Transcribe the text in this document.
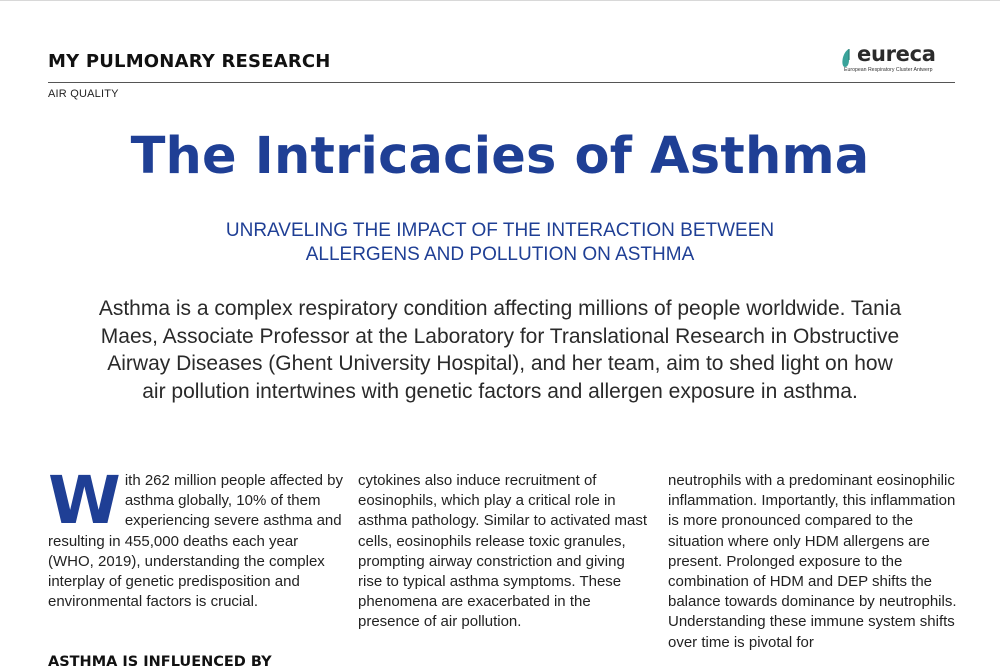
MY PULMONARY RESEARCH	eureca
European Respiratory Cluster Antwerp
AIR QUALITY
The Intricacies of Asthma
UNRAVELING THE IMPACT OF THE INTERACTION BETWEEN ALLERGENS AND POLLUTION ON ASTHMA

Asthma is a complex respiratory condition affecting millions of people worldwide. Tania Maes, Associate Professor at the Laboratory for Translational Research in Obstructive Airway Diseases (Ghent University Hospital), and her team, aim to shed light on how air pollution intertwines with genetic factors and allergen exposure in asthma.

With 262 million people affected by asthma globally, 10% of them experiencing severe asthma and resulting in 455,000 deaths each year (WHO, 2019), understanding the complex interplay of genetic predisposition and environmental factors is crucial.

cytokines also induce recruitment of eosinophils, which play a critical role in asthma pathology. Similar to activated mast cells, eosinophils release toxic granules, prompting airway constriction and giving rise to typical asthma symptoms. These phenomena are exacerbated in the presence of air pollution.

neutrophils with a predominant eosinophilic inflammation. Importantly, this inflammation is more pronounced compared to the situation where only HDM allergens are present. Prolonged exposure to the combination of HDM and DEP shifts the balance towards dominance by neutrophils. Understanding these immune system shifts over time is pivotal for

ASTHMA IS INFLUENCED BY
